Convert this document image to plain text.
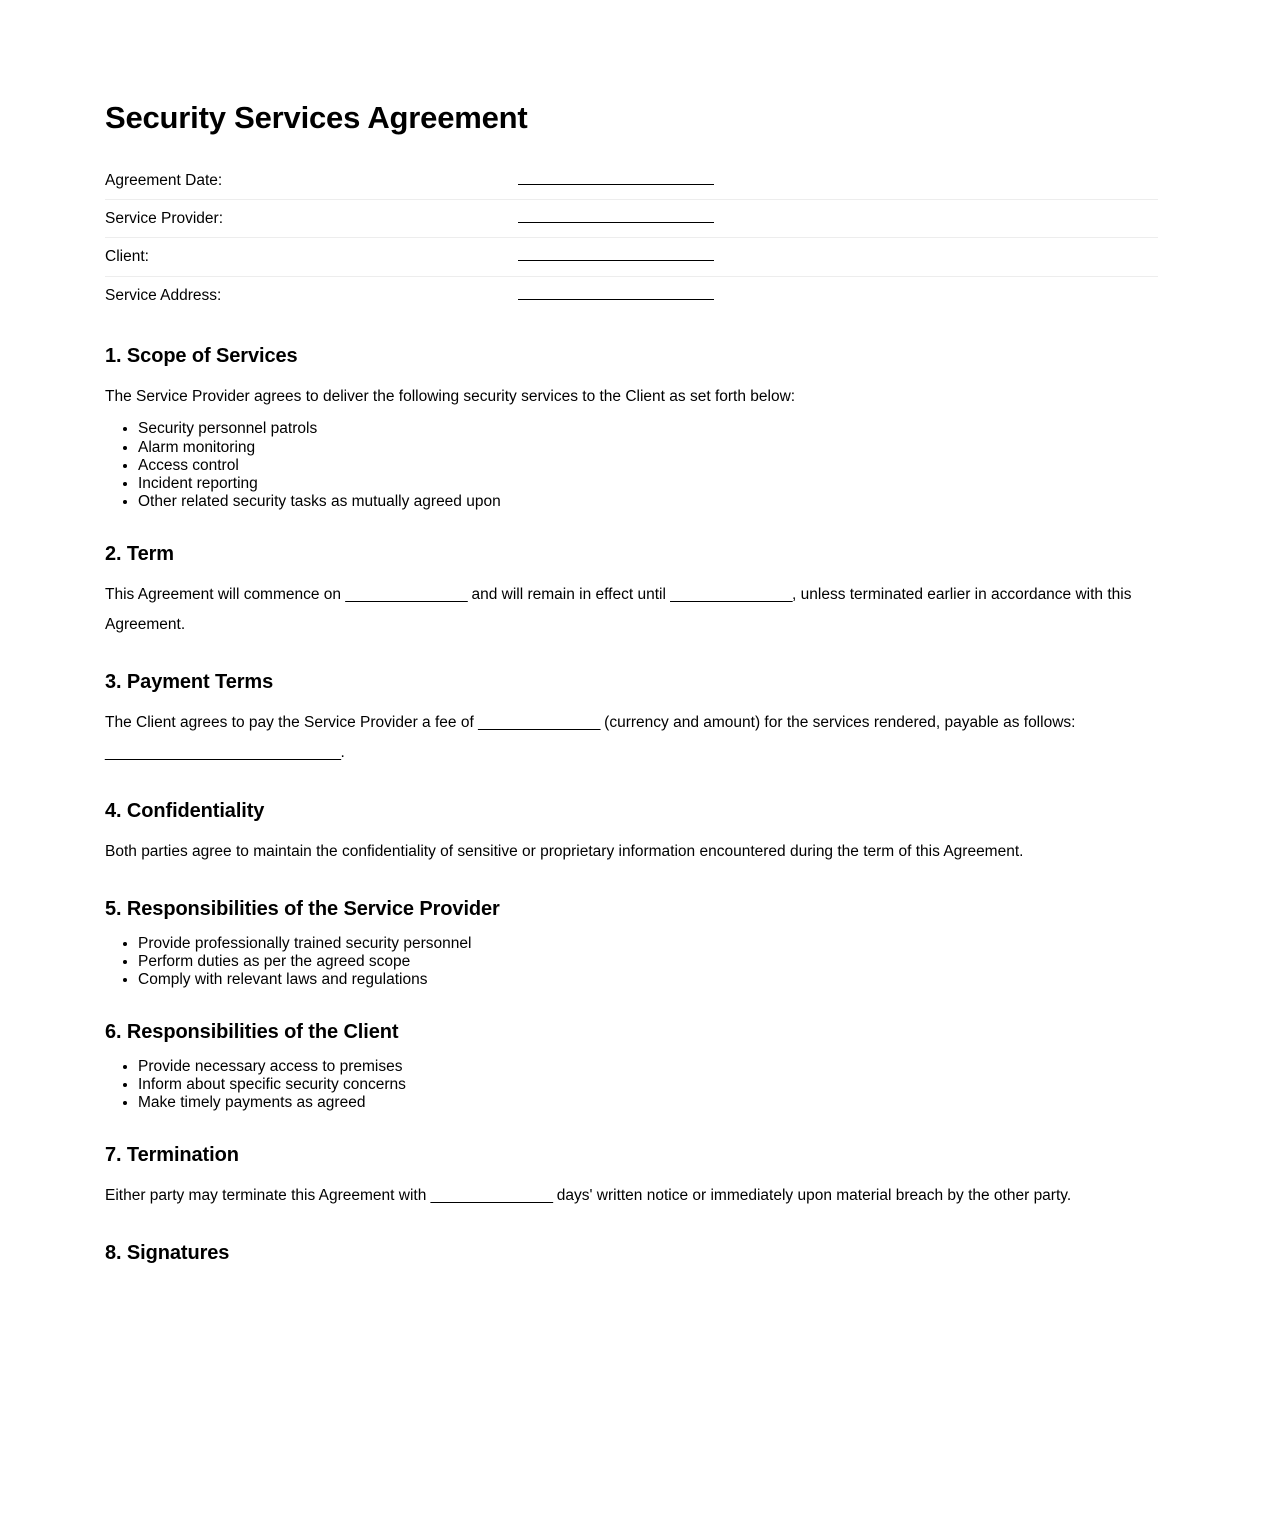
Security Services Agreement
Agreement Date:	
Service Provider:	
Client:	
Service Address:	
1. Scope of Services

The Service Provider agrees to deliver the following security services to the Client as set forth below:

• Security personnel patrols
• Alarm monitoring
• Access control
• Incident reporting
• Other related security tasks as mutually agreed upon
2. Term

This Agreement will commence on _______________ and will remain in effect until _______________, unless terminated earlier in accordance with this Agreement.

3. Payment Terms

The Client agrees to pay the Service Provider a fee of _______________ (currency and amount) for the services rendered, payable as follows:
_____________________________.

4. Confidentiality

Both parties agree to maintain the confidentiality of sensitive or proprietary information encountered during the term of this Agreement.

5. Responsibilities of the Service Provider
• Provide professionally trained security personnel
• Perform duties as per the agreed scope
• Comply with relevant laws and regulations
6. Responsibilities of the Client
• Provide necessary access to premises
• Inform about specific security concerns
• Make timely payments as agreed
7. Termination

Either party may terminate this Agreement with _______________ days' written notice or immediately upon material breach by the other party.

8. Signatures
